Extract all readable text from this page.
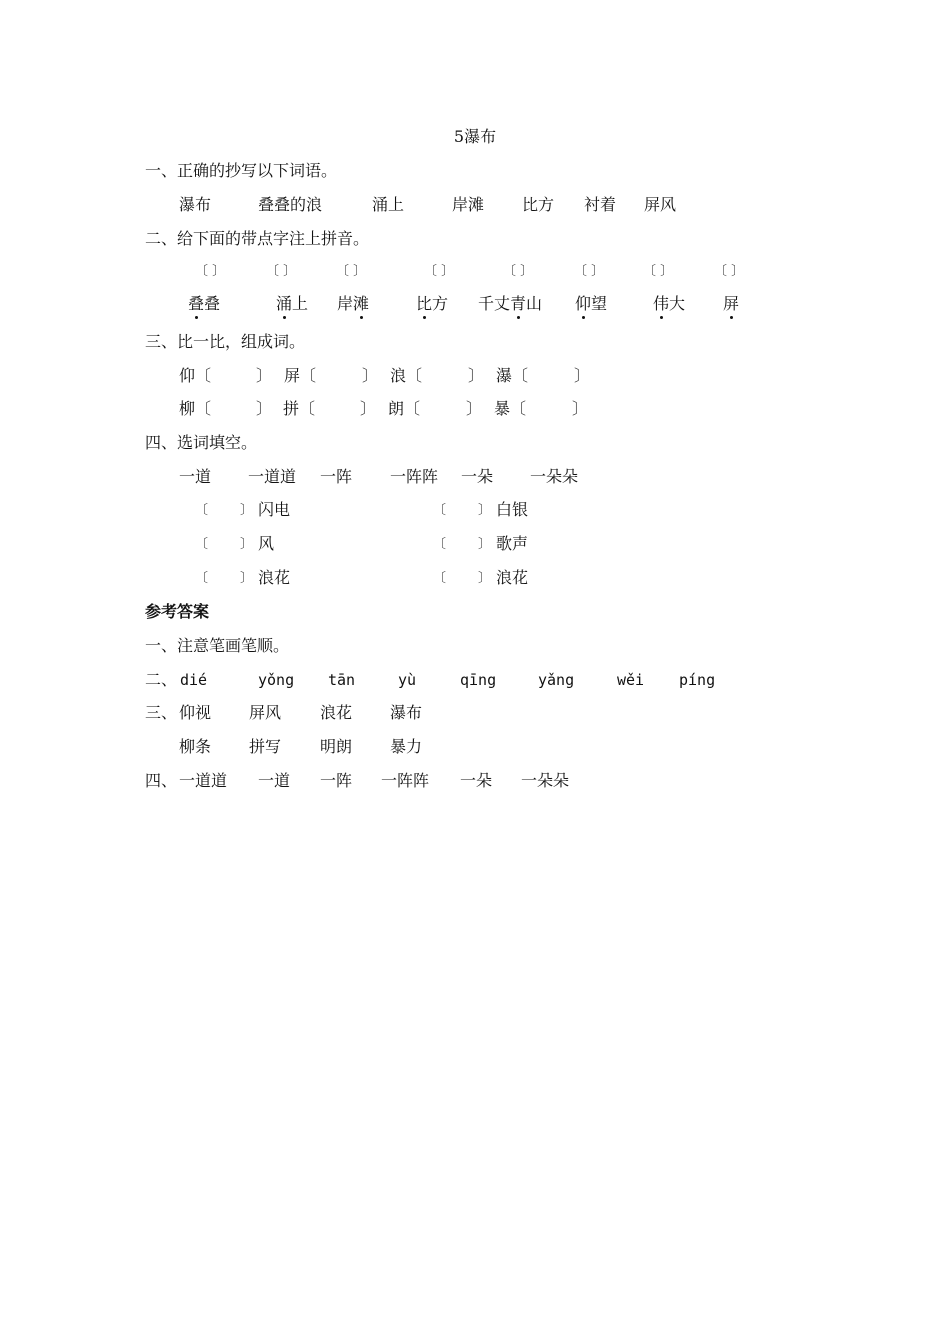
5瀑布
一、正确的抄写以下词语。
瀑布	叠叠的浪	涌上	岸滩 比方 衬着 屏风
二、给下面的带点字注上拼音。
〔 〕	〔 〕	〔 〕	〔 〕	〔 〕	〔 〕	〔 〕	〔 〕
叠叠	涌上 岸滩	比方 千丈青山 仰望	伟大 屏
三、比一比，组成词。
仰〔	〕 屏〔	〕 浪〔	〕 瀑〔	〕
柳〔	〕 拼〔	〕 朗〔	〕 暴〔	〕
四、选词填空。
一道 一道道 一阵 一阵阵 一朵 一朵朵
〔 〕 闪电	〔 〕 白银
〔 〕 风	〔 〕 歌声
〔 〕 浪花	〔 〕 浪花
参考答案
一、注意笔画笔顺。
二、 dié	yǒng tān	yù	qīng	yǎng	wěi píng
三、 仰视 屏风 浪花 瀑布
柳条 拼写 明朗 暴力
四、 一道道 一道 一阵 一阵阵 一朵 一朵朵
